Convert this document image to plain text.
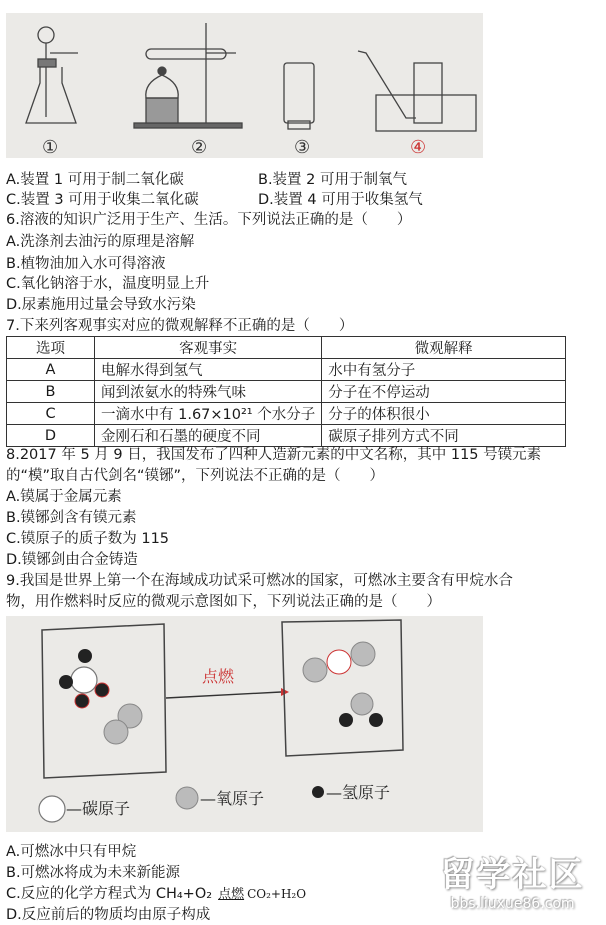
①	②	③	④
A.装置 1 可用于制二氧化碳	B.装置 2 可用于制氧气
C.装置 3 可用于收集二氧化碳	D.装置 4 可用于收集氢气
6.溶液的知识广泛用于生产、生活。下列说法正确的是（　　）
A.洗涤剂去油污的原理是溶解
B.植物油加入水可得溶液
C.氧化钠溶于水，温度明显上升
D.尿素施用过量会导致水污染
7.下来列客观事实对应的微观解释不正确的是（　　）
选项	客观事实	微观解释
A	电解水得到氢气	水中有氢分子
B	闻到浓氨水的特殊气味	分子在不停运动
C	一滴水中有 1.67×10²¹ 个水分子	分子的体积很小
D	金刚石和石墨的硬度不同	碳原子排列方式不同
8.2017 年 5 月 9 日，我国发布了四种人造新元素的中文名称，其中 115 号镆元素
的“模”取自古代剑名“镆铘”，下列说法不正确的是（　　）
A.镆属于金属元素
B.镆铘剑含有镆元素
C.镆原子的质子数为 115
D.镆铘剑由合金铸造
9.我国是世界上第一个在海域成功试采可燃冰的国家，可燃冰主要含有甲烷水合
物，用作燃料时反应的微观示意图如下，下列说法正确的是（　　）
点燃
—碳原子
—氧原子	—氢原子
A.可燃冰中只有甲烷
B.可燃冰将成为未来新能源
C.反应的化学方程式为 CH₄+O₂ 点燃 CO₂+H₂O
D.反应前后的物质均由原子构成
留学社区
bbs.liuxue86.com
